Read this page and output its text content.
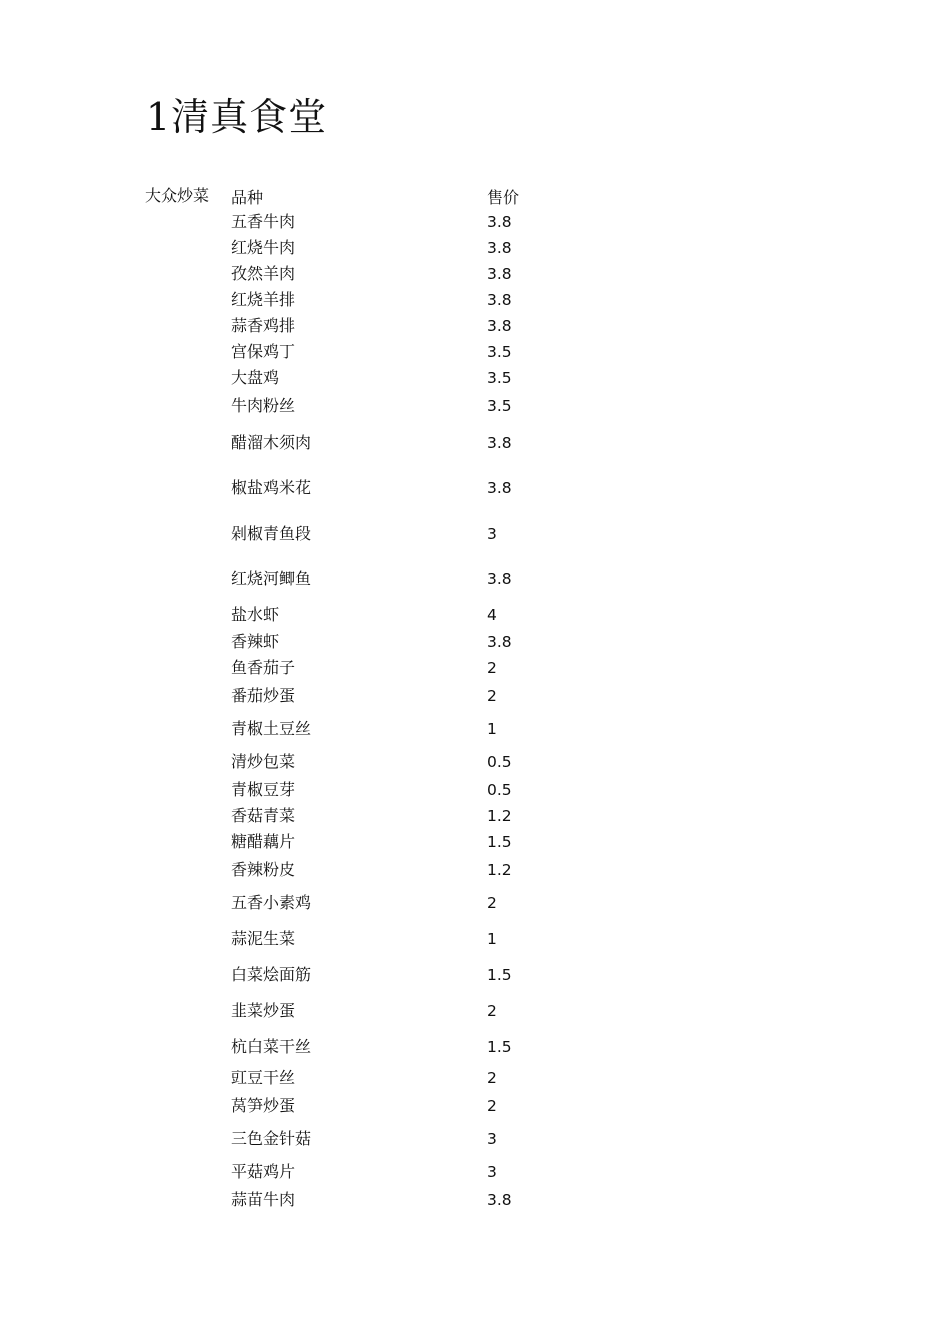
1清真食堂
大众炒菜 品种	售价
五香牛肉	3.8
红烧牛肉	3.8
孜然羊肉	3.8
红烧羊排	3.8
蒜香鸡排	3.8
宫保鸡丁	3.5
大盘鸡	3.5
牛肉粉丝	3.5
醋溜木须肉	3.8
椒盐鸡米花	3.8
剁椒青鱼段	3
红烧河鲫鱼	3.8
盐水虾	4
香辣虾	3.8
鱼香茄子	2
番茄炒蛋	2
青椒土豆丝	1
清炒包菜	0.5
青椒豆芽	0.5
香菇青菜	1.2
糖醋藕片	1.5
香辣粉皮	1.2
五香小素鸡	2
蒜泥生菜	1
白菜烩面筋	1.5
韭菜炒蛋	2
杭白菜干丝	1.5
豇豆干丝	2
莴笋炒蛋	2
三色金针菇	3
平菇鸡片	3
蒜苗牛肉	3.8
